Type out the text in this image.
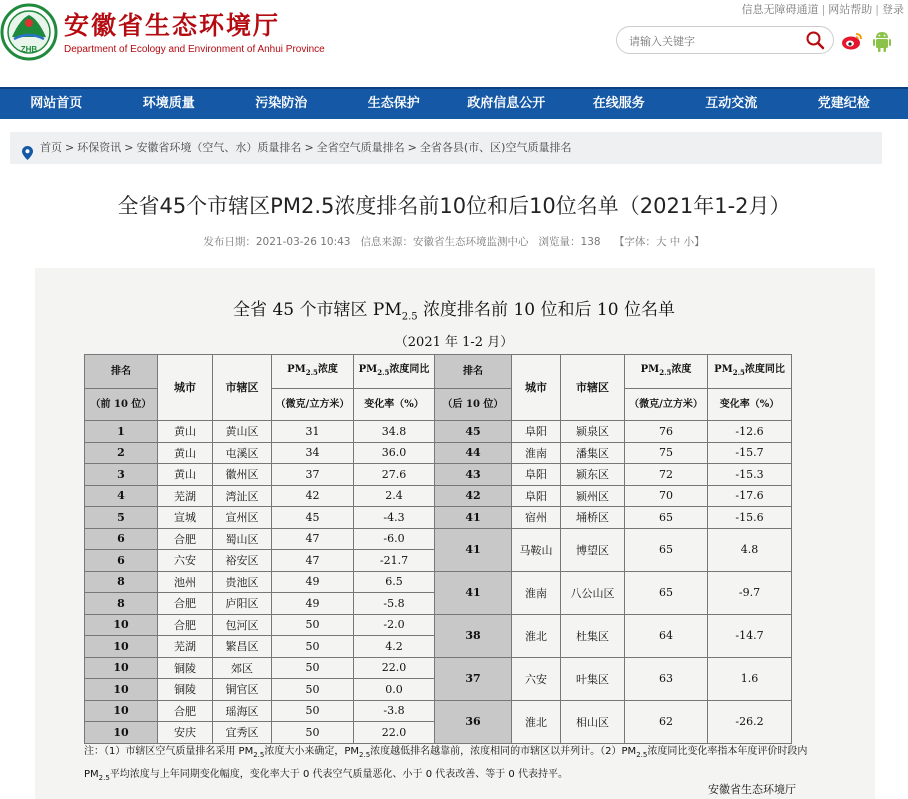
ZHB
安徽省生态环境厅
Department of Ecology and Environment of Anhui Province
信息无障碍通道 | 网站帮助 | 登录
请输入关键字
网站首页	环境质量	污染防治	生态保护	政府信息公开	在线服务	互动交流	党建纪检
首页 > 环保资讯 > 安徽省环境（空气、水）质量排名 > 全省空气质量排名 > 全省各县(市、区)空气质量排名
全省45个市辖区PM2.5浓度排名前10位和后10位名单（2021年1-2月）
发布日期：2021-03-26 10:43 信息来源：安徽省生态环境监测中心 浏览量：138 【字体：大 中 小】
全省 45 个市辖区 $PM_{2.5}$ 浓度排名前 10 位和后 10 位名单
（2021 年 1-2 月）
排名	城市	市辖区	$PM_{2.5}$浓度	$PM_{2.5}$浓度同比	排名	城市	市辖区	$PM_{2.5}$浓度	$PM_{2.5}$浓度同比
（前 10 位）			（微克/立方米）	变化率（%）	（后 10 位）			（微克/立方米）	变化率（%）
1	黄山	黄山区	31	34.8	45	阜阳	颍泉区	76	-12.6
2	黄山	屯溪区	34	36.0	44	淮南	潘集区	75	-15.7
3	黄山	徽州区	37	27.6	43	阜阳	颍东区	72	-15.3
4	芜湖	湾沚区	42	2.4	42	阜阳	颍州区	70	-17.6
5	宣城	宣州区	45	-4.3	41	宿州	埇桥区	65	-15.6
6	合肥	蜀山区	47	-6.0	41	马鞍山	博望区	65	4.8
6	六安	裕安区	47	-21.7					
8	池州	贵池区	49	6.5	41	淮南	八公山区	65	-9.7
8	合肥	庐阳区	49	-5.8					
10	合肥	包河区	50	-2.0	38	淮北	杜集区	64	-14.7
10	芜湖	繁昌区	50	4.2					
10	铜陵	郊区	50	22.0	37	六安	叶集区	63	1.6
10	铜陵	铜官区	50	0.0					
10	合肥	瑶海区	50	-3.8	36	淮北	相山区	62	-26.2
10	安庆	宜秀区	50	22.0					
注：（1）市辖区空气质量排名采用 $PM_{2.5}$浓度大小来确定，$PM_{2.5}$浓度越低排名越靠前，浓度相同的市辖区以并列计。$(2)PM_{2.5}$浓度同比变化率指本年度评价时段内 $PM_{2.5}$平均浓度与上年同期变化幅度，变化率大于 0 代表空气质量恶化、小于 0 代表改善、等于 0 代表持平。
安徽省生态环境厅
